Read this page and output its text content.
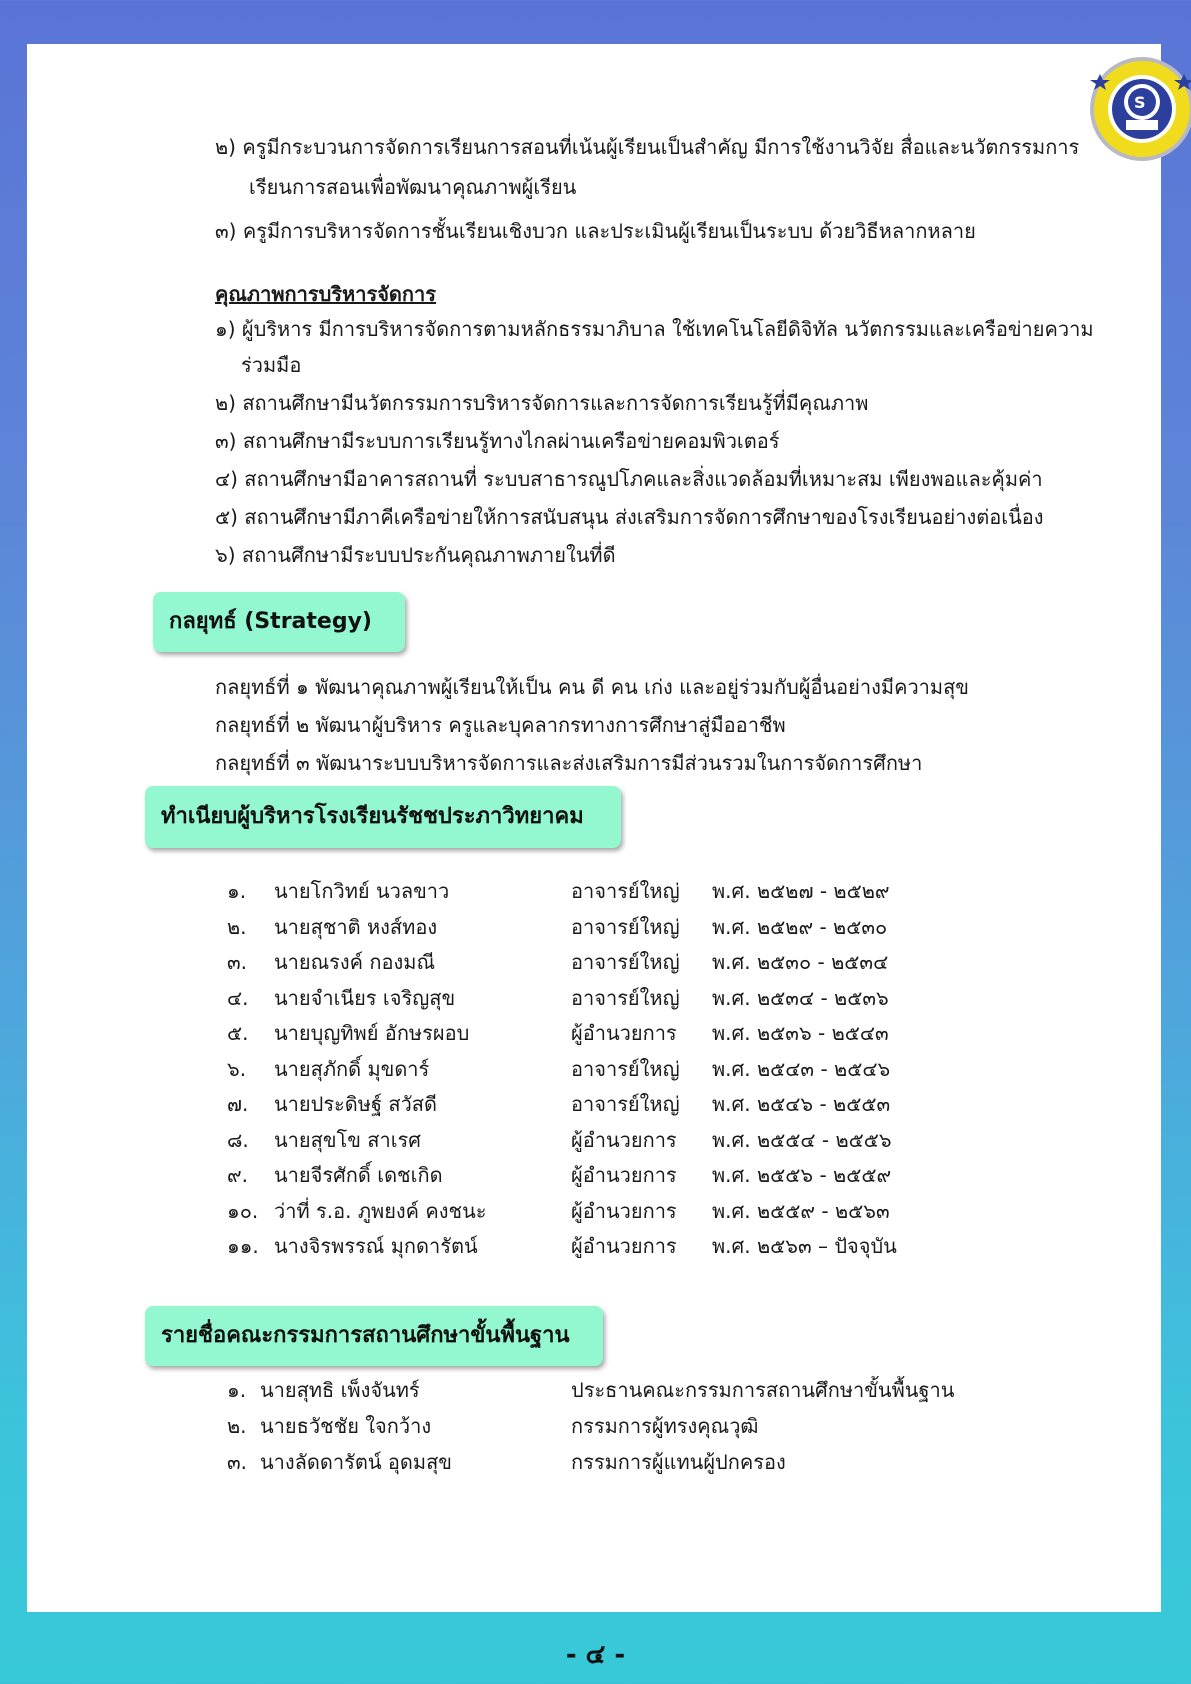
S
๒) ครูมีกระบวนการจัดการเรียนการสอนที่เน้นผู้เรียนเป็นสำคัญ มีการใช้งานวิจัย สื่อและนวัตกรรมการ
เรียนการสอนเพื่อพัฒนาคุณภาพผู้เรียน
๓) ครูมีการบริหารจัดการชั้นเรียนเชิงบวก และประเมินผู้เรียนเป็นระบบ ด้วยวิธีหลากหลาย
คุณภาพการบริหารจัดการ
๑) ผู้บริหาร มีการบริหารจัดการตามหลักธรรมาภิบาล ใช้เทคโนโลยีดิจิทัล นวัตกรรมและเครือข่ายความ
ร่วมมือ
๒) สถานศึกษามีนวัตกรรมการบริหารจัดการและการจัดการเรียนรู้ที่มีคุณภาพ
๓) สถานศึกษามีระบบการเรียนรู้ทางไกลผ่านเครือข่ายคอมพิวเตอร์
๔) สถานศึกษามีอาคารสถานที่ ระบบสาธารณูปโภคและสิ่งแวดล้อมที่เหมาะสม เพียงพอและคุ้มค่า
๕) สถานศึกษามีภาคีเครือข่ายให้การสนับสนุน ส่งเสริมการจัดการศึกษาของโรงเรียนอย่างต่อเนื่อง
๖) สถานศึกษามีระบบประกันคุณภาพภายในที่ดี
กลยุทธ์ (Strategy)
กลยุทธ์ที่ ๑ พัฒนาคุณภาพผู้เรียนให้เป็น คน ดี คน เก่ง และอยู่ร่วมกับผู้อื่นอย่างมีความสุข
กลยุทธ์ที่ ๒ พัฒนาผู้บริหาร ครูและบุคลากรทางการศึกษาสู่มืออาชีพ
กลยุทธ์ที่ ๓ พัฒนาระบบบริหารจัดการและส่งเสริมการมีส่วนรวมในการจัดการศึกษา
ทำเนียบผู้บริหารโรงเรียนรัชชประภาวิทยาคม
๑. นายโกวิทย์ นวลขาว	อาจารย์ใหญ่ พ.ศ. ๒๕๒๗ - ๒๕๒๙
๒. นายสุชาติ หงส์ทอง	อาจารย์ใหญ่ พ.ศ. ๒๕๒๙ - ๒๕๓๐
๓. นายณรงค์ กองมณี	อาจารย์ใหญ่ พ.ศ. ๒๕๓๐ - ๒๕๓๔
๔. นายจำเนียร เจริญสุข	อาจารย์ใหญ่ พ.ศ. ๒๕๓๔ - ๒๕๓๖
๕. นายบุญทิพย์ อักษรผอบ	ผู้อำนวยการ พ.ศ. ๒๕๓๖ - ๒๕๔๓
๖. นายสุภักดิ์ มุขดาร์	อาจารย์ใหญ่ พ.ศ. ๒๕๔๓ - ๒๕๔๖
๗. นายประดิษฐ์ สวัสดี	อาจารย์ใหญ่ พ.ศ. ๒๕๔๖ - ๒๕๕๓
๘. นายสุขโข สาเรศ	ผู้อำนวยการ พ.ศ. ๒๕๕๔ - ๒๕๕๖
๙. นายจีรศักดิ์ เดชเกิด	ผู้อำนวยการ พ.ศ. ๒๕๕๖ - ๒๕๕๙
๑๐. ว่าที่ ร.อ. ภูพยงค์ คงชนะ	ผู้อำนวยการ พ.ศ. ๒๕๕๙ - ๒๕๖๓
๑๑. นางจิรพรรณ์ มุกดารัตน์	ผู้อำนวยการ พ.ศ. ๒๕๖๓ – ปัจจุบัน
รายชื่อคณะกรรมการสถานศึกษาขั้นพื้นฐาน
๑. นายสุทธิ เพ็งจันทร์	ประธานคณะกรรมการสถานศึกษาขั้นพื้นฐาน
๒. นายธวัชชัย ใจกว้าง	กรรมการผู้ทรงคุณวุฒิ
๓. นางลัดดารัตน์ อุดมสุข	กรรมการผู้แทนผู้ปกครอง
- ๔ -
